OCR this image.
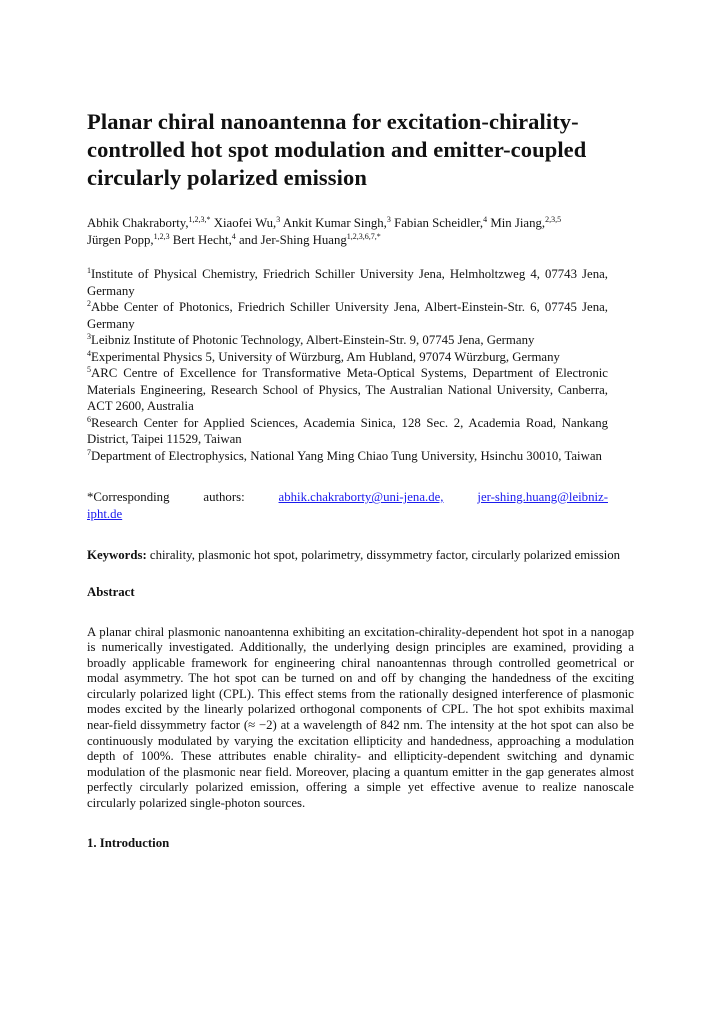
Planar chiral nanoantenna for excitation-chirality-controlled hot spot modulation and emitter-coupled circularly polarized emission
Abhik Chakraborty,$^{1,2,3,*}$ Xiaofei Wu,$^3$ Ankit Kumar Singh,$^3$ Fabian Scheidler,$^4$ Min Jiang,$^{2,3,5}$
Jürgen Popp,$^{1,2,3}$ Bert Hecht,$^4$ and Jer-Shing Huang$^{1,2,3,6,7,*}$
$^1$Institute of Physical Chemistry, Friedrich Schiller University Jena, Helmholtzweg 4, 07743 Jena, Germany
$^2$Abbe Center of Photonics, Friedrich Schiller University Jena, Albert-Einstein-Str. 6, 07745 Jena, Germany
$^3$Leibniz Institute of Photonic Technology, Albert-Einstein-Str. 9, 07745 Jena, Germany
$^4$Experimental Physics 5, University of Würzburg, Am Hubland, 97074 Würzburg, Germany
$^5$ARC Centre of Excellence for Transformative Meta-Optical Systems, Department of Electronic Materials Engineering, Research School of Physics, The Australian National University, Canberra, ACT 2600, Australia
$^6$Research Center for Applied Sciences, Academia Sinica, 128 Sec. 2, Academia Road, Nankang District, Taipei 11529, Taiwan
$^7$Department of Electrophysics, National Yang Ming Chiao Tung University, Hsinchu 30010, Taiwan
*Corresponding	authors:	abhik.chakraborty@uni-jena.de,	jer-shing.huang@leibniz-
ipht.de
Keywords: chirality, plasmonic hot spot, polarimetry, dissymmetry factor, circularly polarized emission
Abstract

A planar chiral plasmonic nanoantenna exhibiting an excitation-chirality-dependent hot spot in a nanogap is numerically investigated. Additionally, the underlying design principles are examined, providing a broadly applicable framework for engineering chiral nanoantennas through controlled geometrical or modal asymmetry. The hot spot can be turned on and off by changing the handedness of the exciting circularly polarized light (CPL). This effect stems from the rationally designed interference of plasmonic modes excited by the linearly polarized orthogonal components of CPL. The hot spot exhibits maximal near-field dissymmetry factor (≈ −2) at a wavelength of 842 nm. The intensity at the hot spot can also be continuously modulated by varying the excitation ellipticity and handedness, approaching a modulation depth of 100%. These attributes enable chirality- and ellipticity-dependent switching and dynamic modulation of the plasmonic near field. Moreover, placing a quantum emitter in the gap generates almost perfectly circularly polarized emission, offering a simple yet effective avenue to realize nanoscale circularly polarized single-photon sources.

1. Introduction
